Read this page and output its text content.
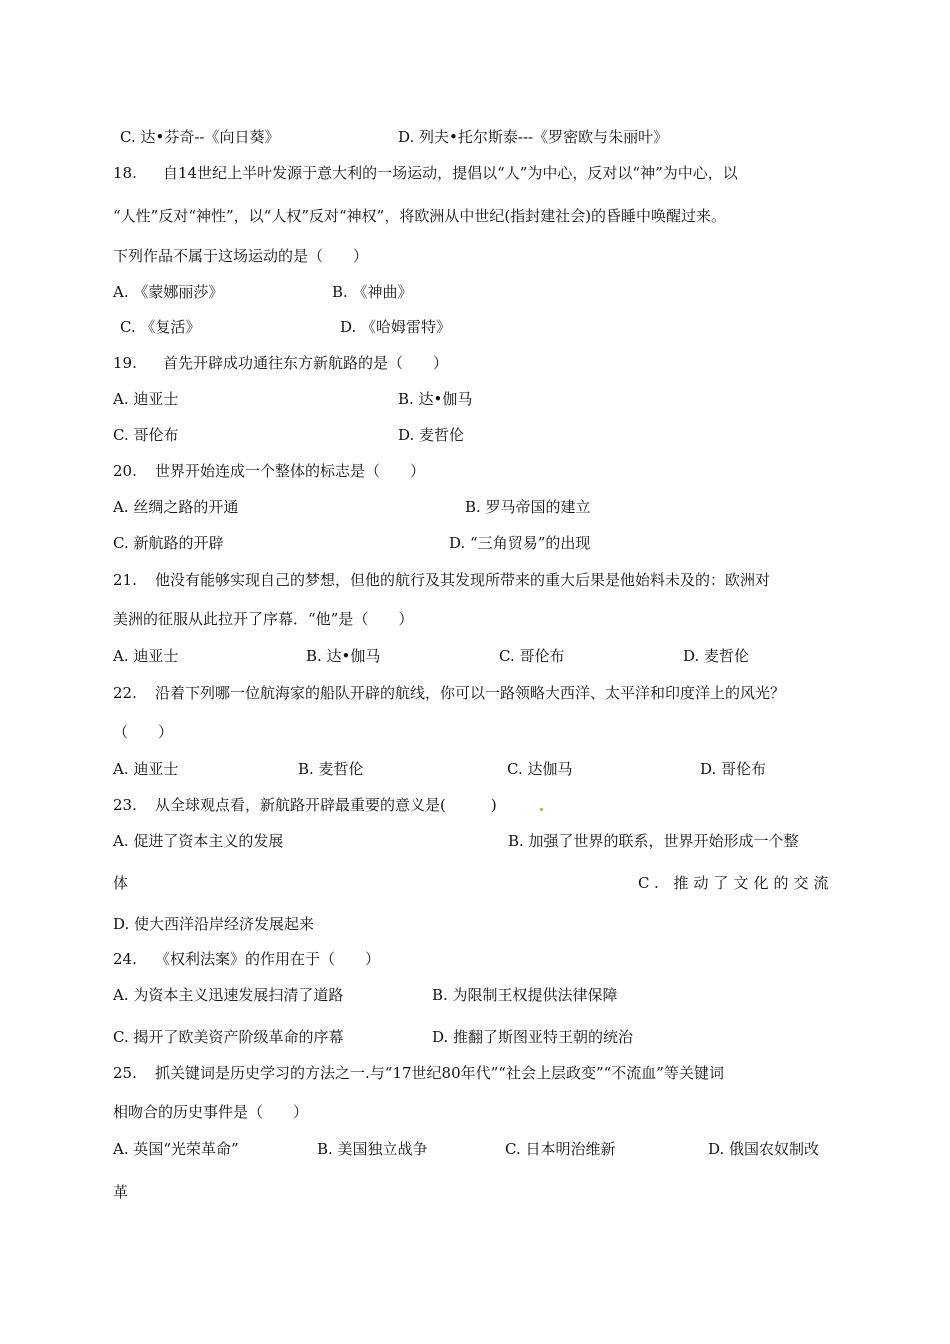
C. 达•芬奇--《向日葵》	D. 列夫•托尔斯泰---《罗密欧与朱丽叶》
18. 自14世纪上半叶发源于意大利的一场运动，提倡以“人”为中心，反对以“神”为中心，以
“人性”反对“神性”，以“人权”反对“神权”，将欧洲从中世纪(指封建社会)的昏睡中唤醒过来。
下列作品不属于这场运动的是（　　）
A. 《蒙娜丽莎》	B. 《神曲》
C. 《复活》	D. 《哈姆雷特》
19. 首先开辟成功通往东方新航路的是（　　）
A. 迪亚士	B. 达•伽马
C. 哥伦布	D. 麦哲伦
20. 世界开始连成一个整体的标志是（　　）
A. 丝绸之路的开通	B. 罗马帝国的建立
C. 新航路的开辟	D. “三角贸易”的出现
21. 他没有能够实现自己的梦想，但他的航行及其发现所带来的重大后果是他始料未及的：欧洲对
美洲的征服从此拉开了序幕．“他”是（　　）
A. 迪亚士	B. 达•伽马	C. 哥伦布	D. 麦哲伦
22. 沿着下列哪一位航海家的船队开辟的航线，你可以一路领略大西洋、太平洋和印度洋上的风光？
（　　）
A. 迪亚士	B. 麦哲伦	C. 达伽马	D. 哥伦布
23. 从全球观点看，新航路开辟最重要的意义是(　　　)
A. 促进了资本主义的发展	B. 加强了世界的联系，世界开始形成一个整
体	C. 推动了文化的交流
D. 使大西洋沿岸经济发展起来
24. 《权利法案》的作用在于（　　）
A. 为资本主义迅速发展扫清了道路	B. 为限制王权提供法律保障
C. 揭开了欧美资产阶级革命的序幕	D. 推翻了斯图亚特王朝的统治
25. 抓关键词是历史学习的方法之一.与“17世纪80年代”“社会上层政变”“不流血”等关键词
相吻合的历史事件是（　　）
A. 英国“光荣革命”	B. 美国独立战争	C. 日本明治维新	D. 俄国农奴制改
革
